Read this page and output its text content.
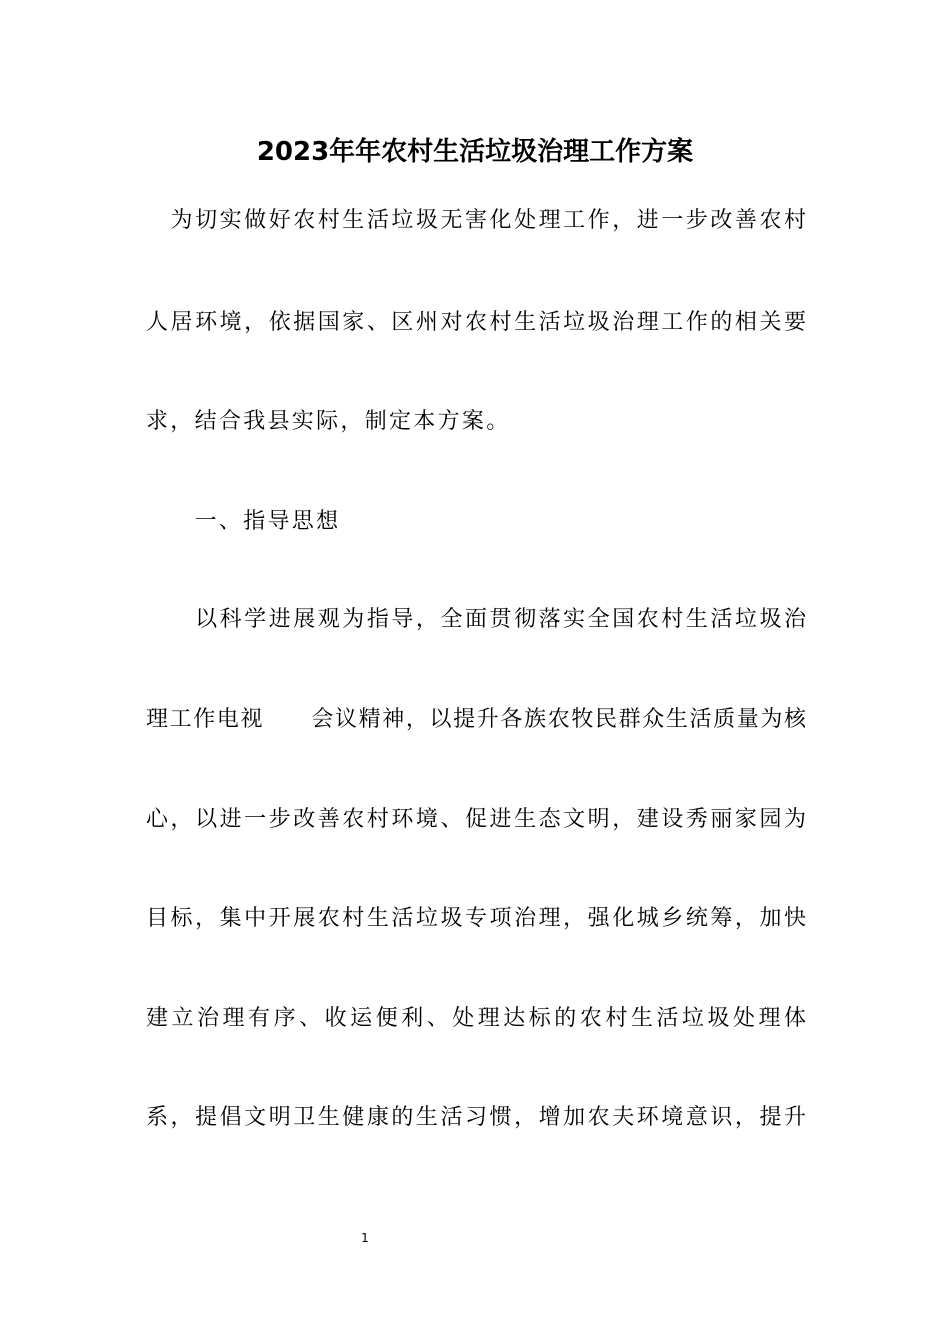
2023年年农村生活垃圾治理工作方案
　为切实做好农村生活垃圾无害化处理工作，进一步改善农村
人居环境，依据国家、区州对农村生活垃圾治理工作的相关要
求，结合我县实际，制定本方案。
　　一、指导思想
　　以科学进展观为指导，全面贯彻落实全国农村生活垃圾治
理工作电视　　会议精神，以提升各族农牧民群众生活质量为核
心，以进一步改善农村环境、促进生态文明，建设秀丽家园为
目标，集中开展农村生活垃圾专项治理，强化城乡统筹，加快
建立治理有序、收运便利、处理达标的农村生活垃圾处理体
系，提倡文明卫生健康的生活习惯，增加农夫环境意识，提升
1
